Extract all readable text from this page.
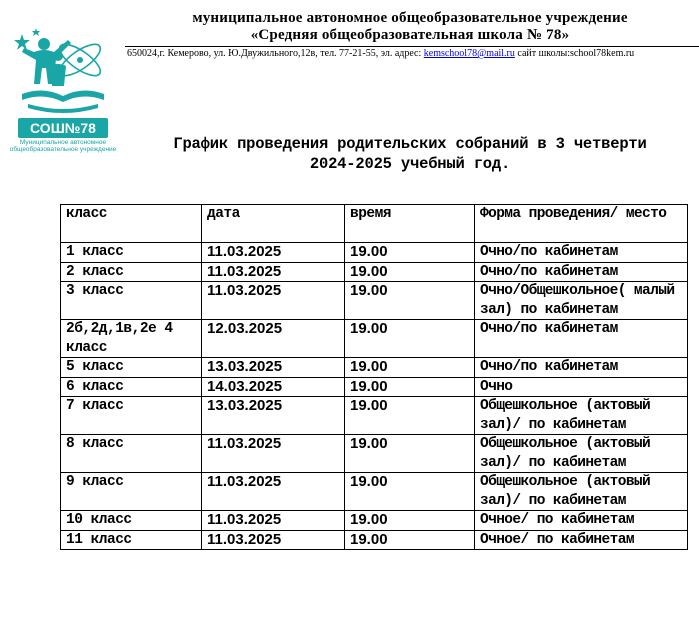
СОШ№78
Муниципальное автономное общеобразовательное учреждение
муниципальное автономное общеобразовательное учреждение
«Средняя общеобразовательная школа № 78»
650024,г. Кемерово, ул. Ю.Двужильного,12в, тел. 77-21-55, эл. адрес: kemschool78@mail.ru сайт школы:school78kem.ru
График проведения родительских собраний в 3 четверти
2024-2025 учебный год.
класс	дата	время	Форма проведения/ место
1 класс	11.03.2025	19.00	Очно/по кабинетам
2 класс	11.03.2025	19.00	Очно/по кабинетам
3 класс	11.03.2025	19.00	Очно/Общешкольное( малый зал) по кабинетам
2б,2д,1в,2е 4 класс	12.03.2025	19.00	Очно/по кабинетам
5 класс	13.03.2025	19.00	Очно/по кабинетам
6 класс	14.03.2025	19.00	Очно
7 класс	13.03.2025	19.00	Общешкольное (актовый зал)/ по кабинетам
8 класс	11.03.2025	19.00	Общешкольное (актовый зал)/ по кабинетам
9 класс	11.03.2025	19.00	Общешкольное (актовый зал)/ по кабинетам
10 класс	11.03.2025	19.00	Очное/ по кабинетам
11 класс	11.03.2025	19.00	Очное/ по кабинетам
